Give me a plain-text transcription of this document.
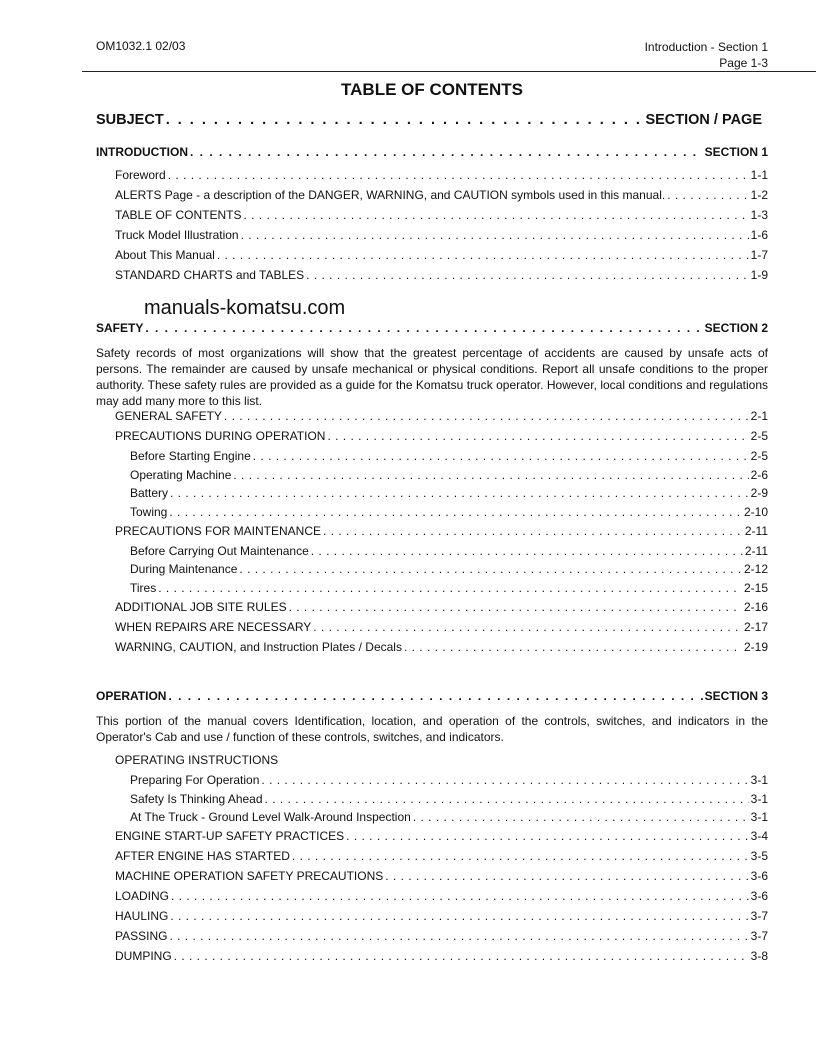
OM1032.1 02/03	Introduction - Section 1
Page 1-3
TABLE OF CONTENTS
SUBJECT . . .	SECTION / PAGE
INTRODUCTION . . .	SECTION 1
Foreword . . .	1-1
ALERTS Page - a description of the DANGER, WARNING, and CAUTION symbols used in this manual. . . .	1-2
TABLE OF CONTENTS . . .	1-3
Truck Model Illustration . . .	1-6
About This Manual . . .	1-7
STANDARD CHARTS and TABLES . . .	1-9
SAFETY . . .	SECTION 2
Safety records of most organizations will show that the greatest percentage of accidents are caused by unsafe acts of persons. The remainder are caused by unsafe mechanical or physical conditions. Report all unsafe conditions to the proper authority. These safety rules are provided as a guide for the Komatsu truck operator. However, local conditions and regulations may add many more to this list.
GENERAL SAFETY . . .	2-1
PRECAUTIONS DURING OPERATION . . .	2-5
Before Starting Engine . . .	2-5
Operating Machine . . .	2-6
Battery . . .	2-9
Towing . . .	2-10
PRECAUTIONS FOR MAINTENANCE . . .	2-11
Before Carrying Out Maintenance . . .	2-11
During Maintenance . . .	2-12
Tires . . .	2-15
ADDITIONAL JOB SITE RULES . . .	2-16
WHEN REPAIRS ARE NECESSARY . . .	2-17
WARNING, CAUTION, and Instruction Plates / Decals . . .	2-19
OPERATION . . .	SECTION 3
This portion of the manual covers Identification, location, and operation of the controls, switches, and indicators in the Operator's Cab and use / function of these controls, switches, and indicators.
OPERATING INSTRUCTIONS
Preparing For Operation . . .	3-1
Safety Is Thinking Ahead . . .	3-1
At The Truck - Ground Level Walk-Around Inspection . . .	3-1
ENGINE START-UP SAFETY PRACTICES . . .	3-4
AFTER ENGINE HAS STARTED . . .	3-5
MACHINE OPERATION SAFETY PRECAUTIONS . . .	3-6
LOADING . . .	3-6
HAULING . . .	3-7
PASSING . . .	3-7
DUMPING . . .	3-8
manuals-komatsu.com
